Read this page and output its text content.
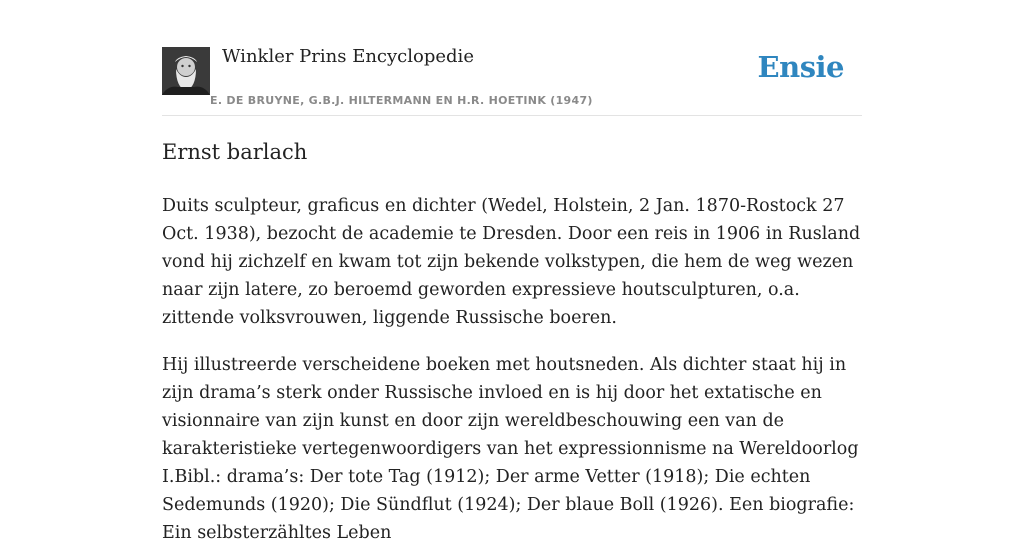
Winkler Prins Encyclopedie
E. DE BRUYNE, G.B.J. HILTERMANN EN H.R. HOETINK (1947)
Ensie
Ernst barlach

Duits sculpteur, graficus en dichter (Wedel, Holstein, 2 Jan. 1870-Rostock 27 Oct. 1938), bezocht de academie te Dresden. Door een reis in 1906 in Rusland vond hij zichzelf en kwam tot zijn bekende volkstypen, die hem de weg wezen naar zijn latere, zo beroemd geworden expressieve houtsculpturen, o.a. zittende volksvrouwen, liggende Russische boeren.

Hij illustreerde verscheidene boeken met houtsneden. Als dichter staat hij in zijn drama’s sterk onder Russische invloed en is hij door het extatische en visionnaire van zijn kunst en door zijn wereldbeschouwing een van de karakteristieke vertegenwoordigers van het expressionnisme na Wereldoorlog I.Bibl.: drama’s: Der tote Tag (1912); Der arme Vetter (1918); Die echten Sedemunds (1920); Die Sündflut (1924); Der blaue Boll (1926). Een biografie: Ein selbsterzähltes Leben
